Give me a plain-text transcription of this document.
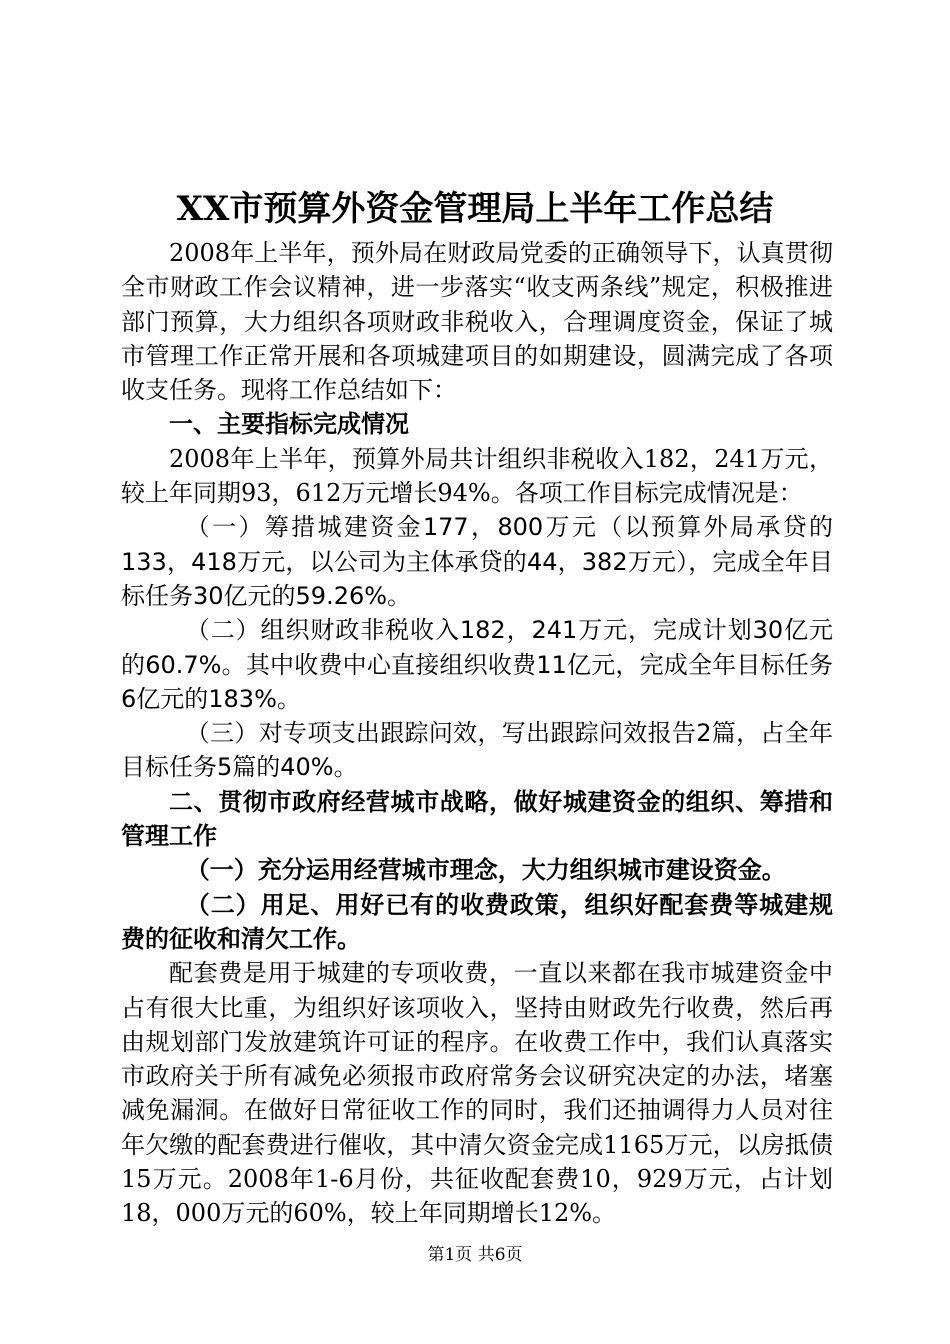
XX市预算外资金管理局上半年工作总结

2008年上半年，预外局在财政局党委的正确领导下，认真贯彻全市财政工作会议精神，进一步落实“收支两条线”规定，积极推进部门预算，大力组织各项财政非税收入，合理调度资金，保证了城市管理工作正常开展和各项城建项目的如期建设，圆满完成了各项收支任务。现将工作总结如下：

一、主要指标完成情况

2008年上半年，预算外局共计组织非税收入182，241万元，较上年同期93，612万元增长94%。各项工作目标完成情况是：

（一）筹措城建资金177，800万元（以预算外局承贷的133，418万元，以公司为主体承贷的44，382万元），完成全年目标任务30亿元的59.26%。

（二）组织财政非税收入182，241万元，完成计划30亿元的60.7%。其中收费中心直接组织收费11亿元，完成全年目标任务6亿元的183%。

（三）对专项支出跟踪问效，写出跟踪问效报告2篇，占全年目标任务5篇的40%。

二、贯彻市政府经营城市战略，做好城建资金的组织、筹措和管理工作

（一）充分运用经营城市理念，大力组织城市建设资金。

（二）用足、用好已有的收费政策，组织好配套费等城建规费的征收和清欠工作。

配套费是用于城建的专项收费，一直以来都在我市城建资金中占有很大比重，为组织好该项收入，坚持由财政先行收费，然后再由规划部门发放建筑许可证的程序。在收费工作中，我们认真落实市政府关于所有减免必须报市政府常务会议研究决定的办法，堵塞减免漏洞。在做好日常征收工作的同时，我们还抽调得力人员对往年欠缴的配套费进行催收，其中清欠资金完成1165万元，以房抵债15万元。2008年1-6月份，共征收配套费10，929万元，占计划18，000万元的60%，较上年同期增长12%。

第1页 共6页
